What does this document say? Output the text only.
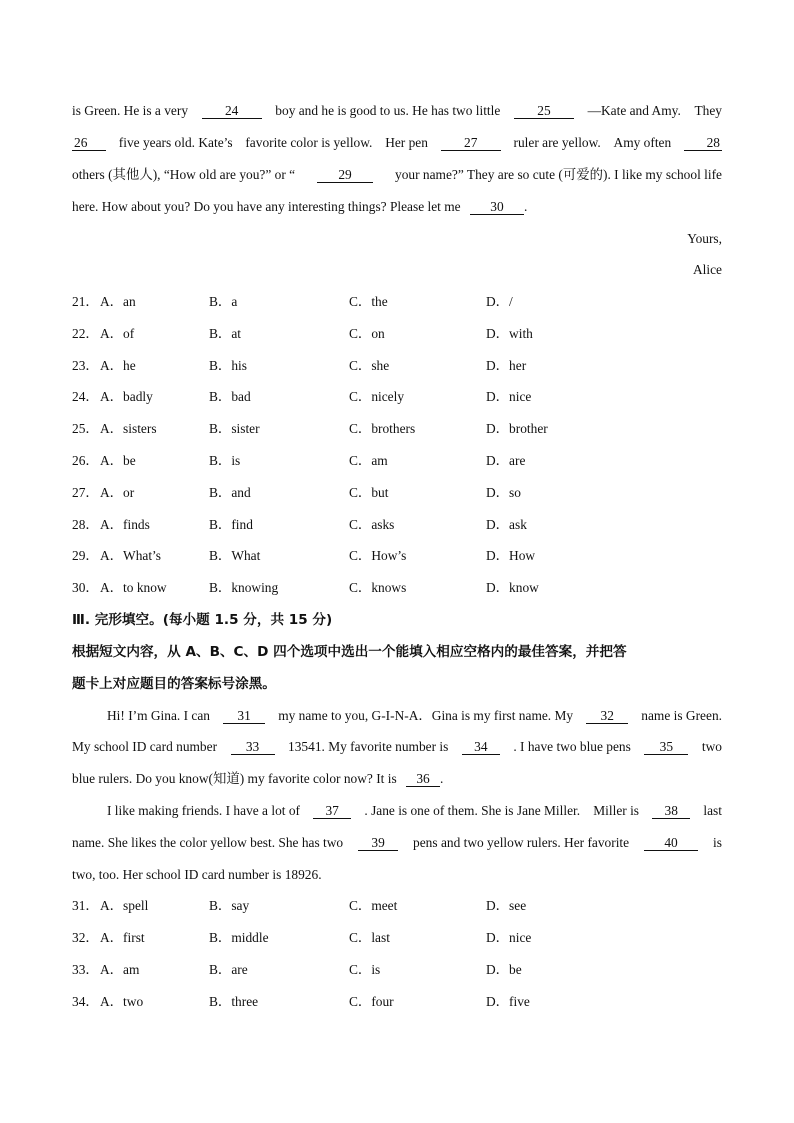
is Green. He is a very	24	boy and he is good to us. He has two little	25	—Kate and Amy. They
26	five years old. Kate’s favorite color is yellow. Her pen	27	ruler are yellow. Amy often	28
others (其他人), “How old are you?” or “	29	your name?” They are so cute (可爱的). I like my school life
here. How about you? Do you have any interesting things? Please let me 30 .
Yours,
Alice
21． A．an	B．a	C．the	D．/
22． A．of	B．at	C．on	D．with
23． A．he	B．his	C．she	D．her
24． A．badly	B．bad	C．nicely	D．nice
25． A．sisters	B．sister	C．brothers	D．brother
26． A．be	B．is	C．am	D．are
27． A．or	B．and	C．but	D．so
28． A．finds	B．find	C．asks	D．ask
29． A．What’s	B．What	C．How’s	D．How
30． A．to know	B．knowing	C．knows	D．know
Ⅲ. 完形填空。(每小题 1.5 分，共 15 分)
根据短文内容，从 A、B、C、D 四个选项中选出一个能填入相应空格内的最佳答案，并把答
题卡上对应题目的答案标号涂黑。
Hi! I’m Gina. I can	31	my name to you, G-I-N-A．Gina is my first name. My	32	name is Green.
My school ID card number	33	13541. My favorite number is	34	. I have two blue pens	35	two
blue rulers. Do you know(知道) my favorite color now? It is 36 .
I like making friends. I have a lot of	37	. Jane is one of them. She is Jane Miller. Miller is	38	last
name. She likes the color yellow best. She has two	39	pens and two yellow rulers. Her favorite	40	is
two, too. Her school ID card number is 18926.
31． A．spell	B．say	C．meet	D．see
32． A．first	B．middle	C．last	D．nice
33． A．am	B．are	C．is	D．be
34． A．two	B．three	C．four	D．five
